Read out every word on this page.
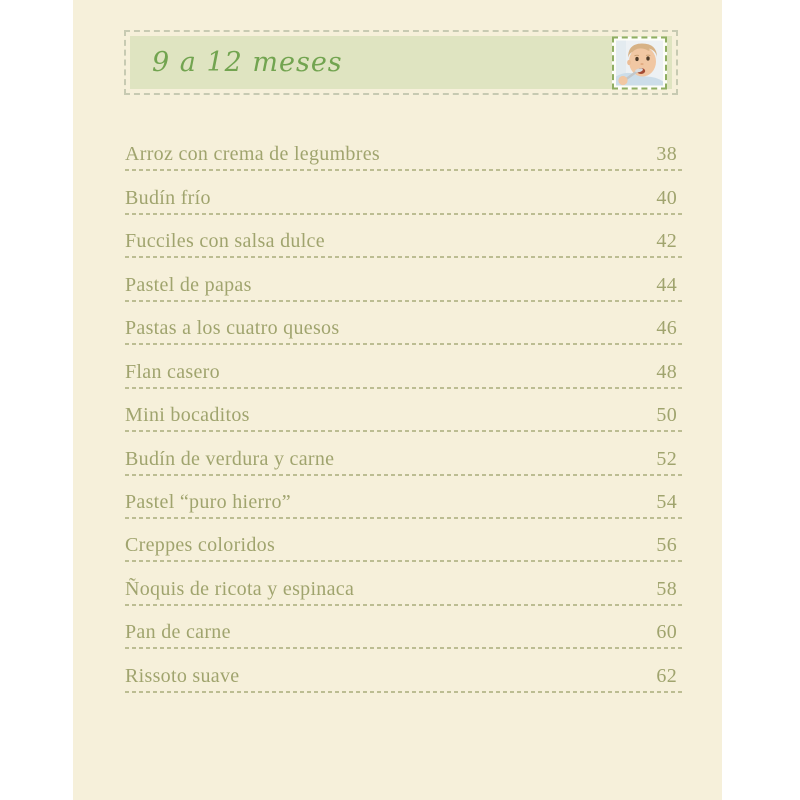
9 a 12 meses
Arroz con crema de legumbres	38
Budín frío	40
Fucciles con salsa dulce	42
Pastel de papas	44
Pastas a los cuatro quesos	46
Flan casero	48
Mini bocaditos	50
Budín de verdura y carne	52
Pastel “puro hierro”	54
Creppes coloridos	56
Ñoquis de ricota y espinaca	58
Pan de carne	60
Rissoto suave	62
